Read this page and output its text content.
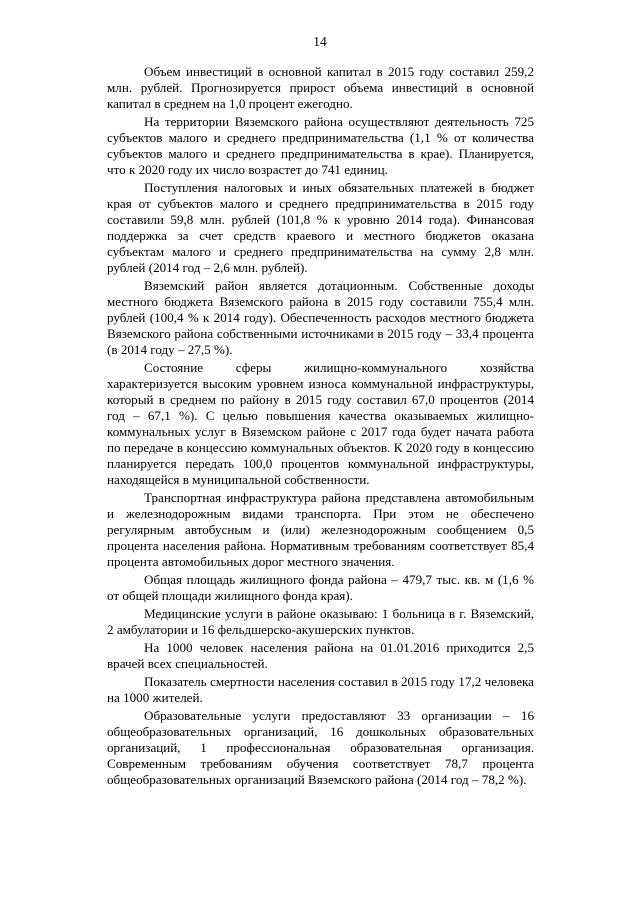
14

Объем инвестиций в основной капитал в 2015 году составил 259,2 млн. рублей. Прогнозируется прирост объема инвестиций в основной капитал в среднем на 1,0 процент ежегодно.

На территории Вяземского района осуществляют деятельность 725 субъектов малого и среднего предпринимательства (1,1 % от количества субъектов малого и среднего предпринимательства в крае). Планируется, что к 2020 году их число возрастет до 741 единиц.

Поступления налоговых и иных обязательных платежей в бюджет края от субъектов малого и среднего предпринимательства в 2015 году составили 59,8 млн. рублей (101,8 % к уровню 2014 года). Финансовая поддержка за счет средств краевого и местного бюджетов оказана субъектам малого и среднего предпринимательства на сумму 2,8 млн. рублей (2014 год – 2,6 млн. рублей).

Вяземский район является дотационным. Собственные доходы местного бюджета Вяземского района в 2015 году составили 755,4 млн. рублей (100,4 % к 2014 году). Обеспеченность расходов местного бюджета Вяземского района собственными источниками в 2015 году – 33,4 процента (в 2014 году – 27,5 %).

Состояние сферы жилищно-коммунального хозяйства характеризуется высоким уровнем износа коммунальной инфраструктуры, который в среднем по району в 2015 году составил 67,0 процентов (2014 год – 67,1 %). С целью повышения качества оказываемых жилищно-коммунальных услуг в Вяземском районе с 2017 года будет начата работа по передаче в концессию коммунальных объектов. К 2020 году в концессию планируется передать 100,0 процентов коммунальной инфраструктуры, находящейся в муниципальной собственности.

Транспортная инфраструктура района представлена автомобильным и железнодорожным видами транспорта. При этом не обеспечено регулярным автобусным и (или) железнодорожным сообщением 0,5 процента населения района. Нормативным требованиям соответствует 85,4 процента автомобильных дорог местного значения.

Общая площадь жилищного фонда района – 479,7 тыс. кв. м (1,6 % от общей площади жилищного фонда края).

Медицинские услуги в районе оказываю: 1 больница в г. Вяземский, 2 амбулатории и 16 фельдшерско-акушерских пунктов.

На 1000 человек населения района на 01.01.2016 приходится 2,5 врачей всех специальностей.

Показатель смертности населения составил в 2015 году 17,2 человека на 1000 жителей.

Образовательные услуги предоставляют 33 организации – 16 общеобразовательных организаций, 16 дошкольных образовательных организаций, 1 профессиональная образовательная организация. Современным требованиям обучения соответствует 78,7 процента общеобразовательных организаций Вяземского района (2014 год – 78,2 %).
